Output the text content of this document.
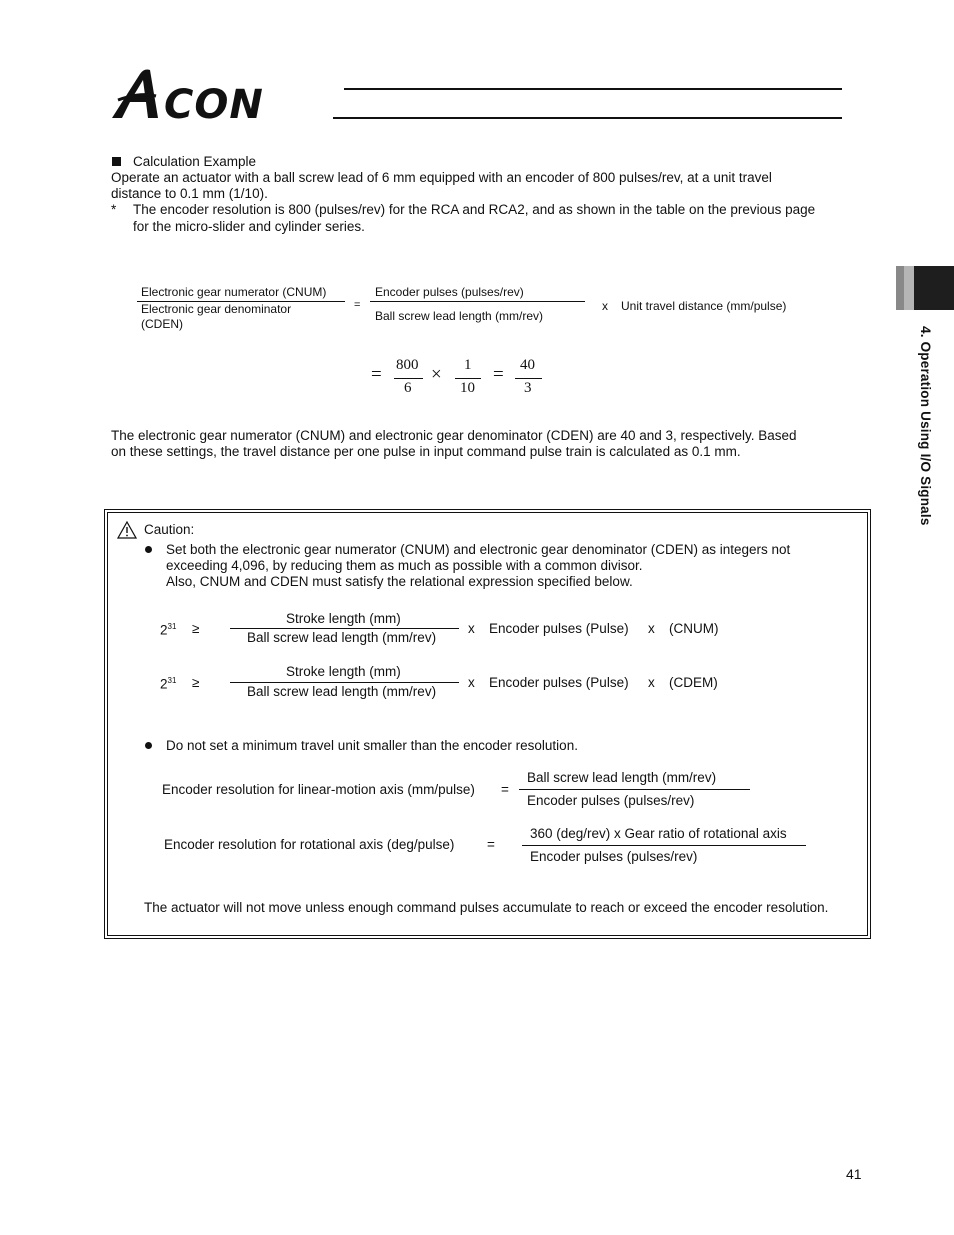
CON
4. Operation Using I/O Signals
Calculation Example
Operate an actuator with a ball screw lead of 6 mm equipped with an encoder of 800 pulses/rev, at a unit travel
distance to 0.1 mm (1/10).
* The encoder resolution is 800 (pulses/rev) for the RCA and RCA2, and as shown in the table on the previous page
for the micro-slider and cylinder series.
Electronic gear numerator (CNUM)
Electronic gear denominator
(CDEN)
=
Encoder pulses (pulses/rev)
Ball screw lead length (mm/rev)
x Unit travel distance (mm/pulse)
= 800
6
× 1
10
= 40
3
The electronic gear numerator (CNUM) and electronic gear denominator (CDEN) are 40 and 3, respectively. Based
on these settings, the travel distance per one pulse in input command pulse train is calculated as 0.1 mm.
Caution:
Set both the electronic gear numerator (CNUM) and electronic gear denominator (CDEN) as integers not
exceeding 4,096, by reducing them as much as possible with a common divisor.
Also, CNUM and CDEN must satisfy the relational expression specified below.
$2^{31}$ ≥
Stroke length (mm)
Ball screw lead length (mm/rev)
x Encoder pulses (Pulse) x (CNUM)
$2^{31}$ ≥
Stroke length (mm)
Ball screw lead length (mm/rev)
x Encoder pulses (Pulse) x (CDEM)
Do not set a minimum travel unit smaller than the encoder resolution.
Encoder resolution for linear-motion axis (mm/pulse) =
Ball screw lead length (mm/rev)
Encoder pulses (pulses/rev)
Encoder resolution for rotational axis (deg/pulse) =
360 (deg/rev) x Gear ratio of rotational axis
Encoder pulses (pulses/rev)
The actuator will not move unless enough command pulses accumulate to reach or exceed the encoder resolution.
41
